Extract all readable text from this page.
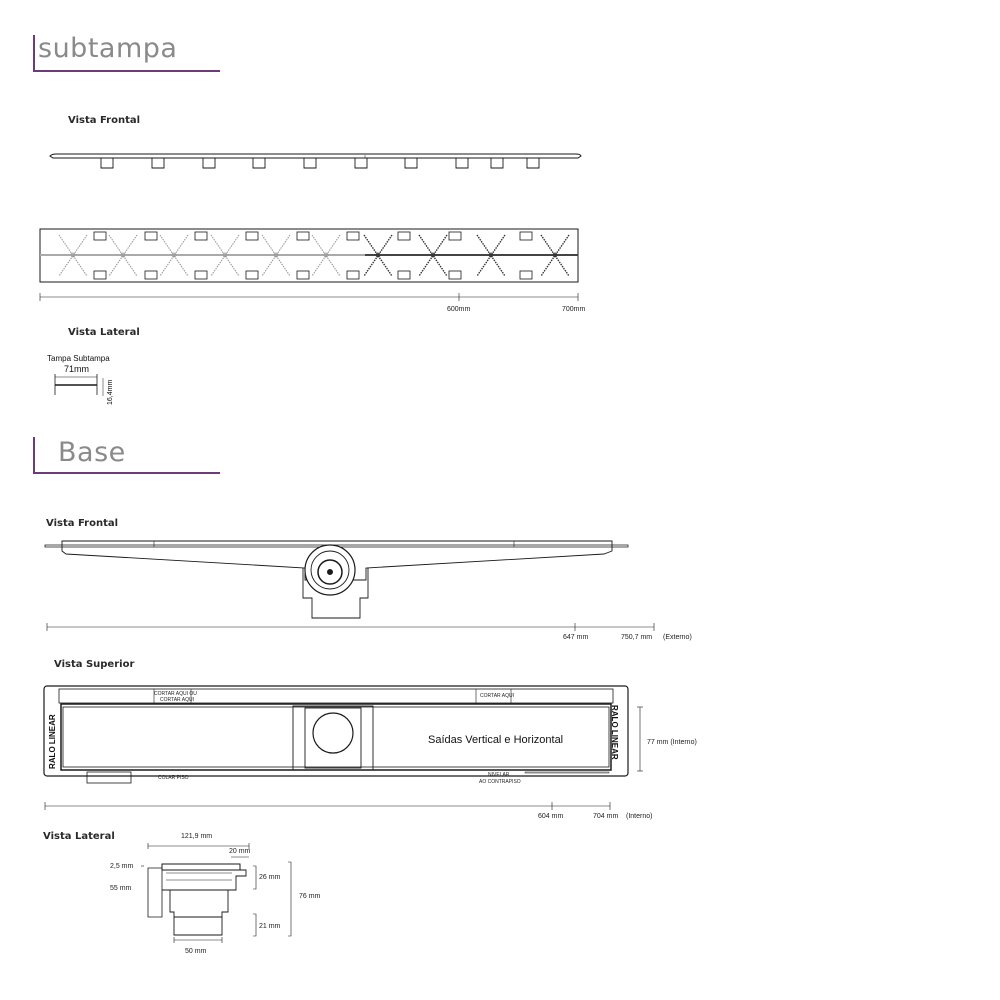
subtampa
Vista Frontal
Vista Lateral
Base
Vista Frontal
Vista Superior
Vista Lateral
600mm	700mm
Tampa Subtampa
71mm
16,4mm
647 mm	750,7 mm (Externo)
RALO LINEAR	RALO LINEAR
Saídas Vertical e Horizontal
CORTAR AQUI OU
CORTAR AQUI
CORTAR AQUI
COLAR PISO	NIVELAR
AO CONTRAPISO
77 mm (Interno)
604 mm	704 mm (Interno)
121,9 mm
20 mm
2,5 mm
55 mm
26 mm
76 mm
21 mm
50 mm
